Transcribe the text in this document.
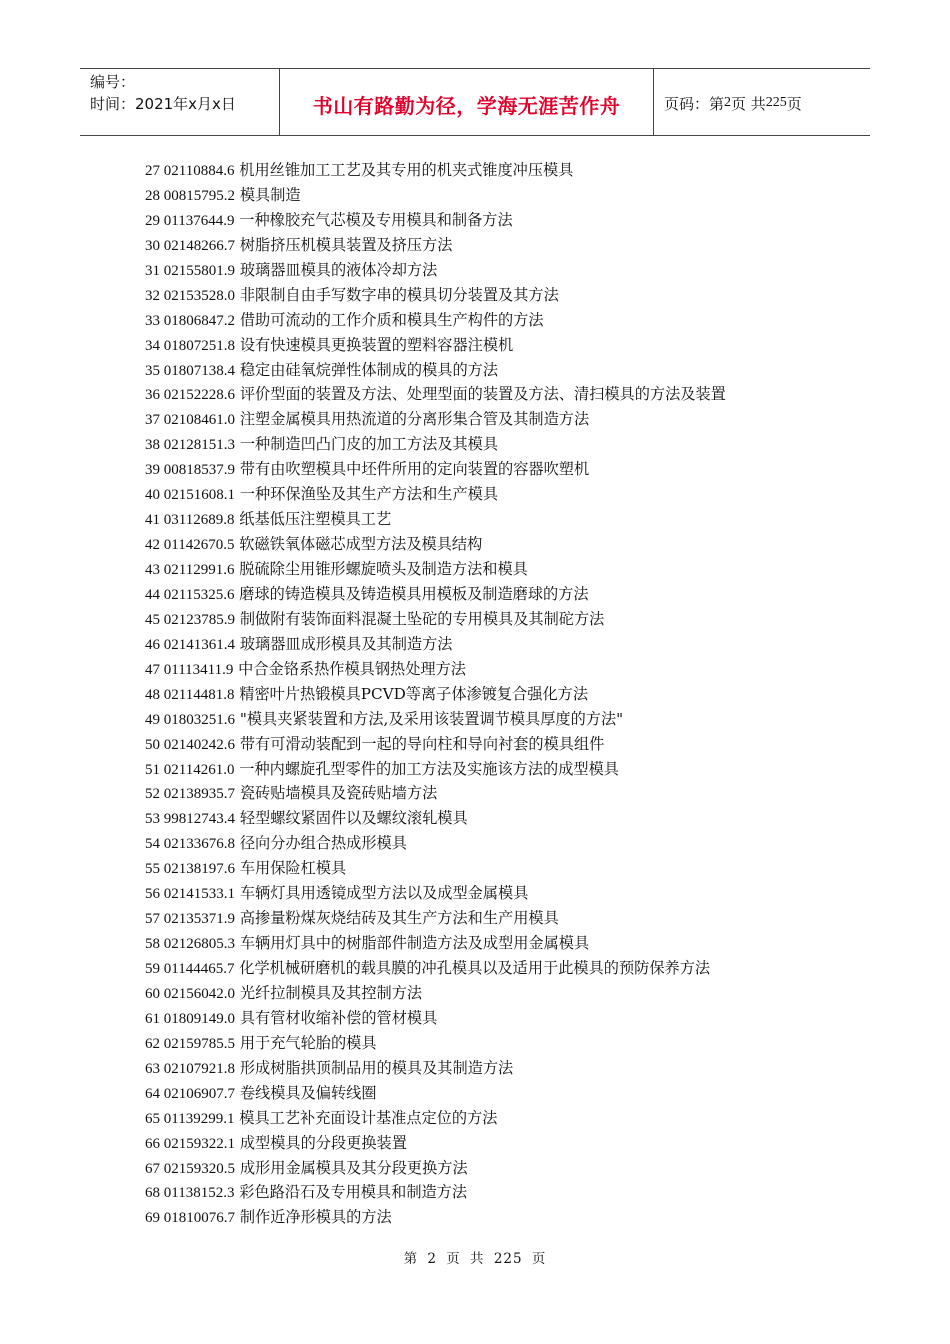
编号：
时间：2021年x月x日	书山有路勤为径，学海无涯苦作舟	页码：第 2 页 共 225 页
27 02110884.6 机用丝锥加工工艺及其专用的机夹式锥度冲压模具
28 00815795.2 模具制造
29 01137644.9 一种橡胶充气芯模及专用模具和制备方法
30 02148266.7 树脂挤压机模具装置及挤压方法
31 02155801.9 玻璃器皿模具的液体冷却方法
32 02153528.0 非限制自由手写数字串的模具切分装置及其方法
33 01806847.2 借助可流动的工作介质和模具生产构件的方法
34 01807251.8 设有快速模具更换装置的塑料容器注模机
35 01807138.4 稳定由硅氧烷弹性体制成的模具的方法
36 02152228.6 评价型面的装置及方法、处理型面的装置及方法、清扫模具的方法及装置
37 02108461.0 注塑金属模具用热流道的分离形集合管及其制造方法
38 02128151.3 一种制造凹凸门皮的加工方法及其模具
39 00818537.9 带有由吹塑模具中坯件所用的定向装置的容器吹塑机
40 02151608.1 一种环保渔坠及其生产方法和生产模具
41 03112689.8 纸基低压注塑模具工艺
42 01142670.5 软磁铁氧体磁芯成型方法及模具结构
43 02112991.6 脱硫除尘用锥形螺旋喷头及制造方法和模具
44 02115325.6 磨球的铸造模具及铸造模具用模板及制造磨球的方法
45 02123785.9 制做附有装饰面料混凝土坠砣的专用模具及其制砣方法
46 02141361.4 玻璃器皿成形模具及其制造方法
47 01113411.9 中合金铬系热作模具钢热处理方法
48 02114481.8 精密叶片热锻模具PCVD等离子体渗镀复合强化方法
49 01803251.6 "模具夹紧装置和方法,及采用该装置调节模具厚度的方法"
50 02140242.6 带有可滑动装配到一起的导向柱和导向衬套的模具组件
51 02114261.0 一种内螺旋孔型零件的加工方法及实施该方法的成型模具
52 02138935.7 瓷砖贴墙模具及瓷砖贴墙方法
53 99812743.4 轻型螺纹紧固件以及螺纹滚轧模具
54 02133676.8 径向分办组合热成形模具
55 02138197.6 车用保险杠模具
56 02141533.1 车辆灯具用透镜成型方法以及成型金属模具
57 02135371.9 高掺量粉煤灰烧结砖及其生产方法和生产用模具
58 02126805.3 车辆用灯具中的树脂部件制造方法及成型用金属模具
59 01144465.7 化学机械研磨机的载具膜的冲孔模具以及适用于此模具的预防保养方法
60 02156042.0 光纤拉制模具及其控制方法
61 01809149.0 具有管材收缩补偿的管材模具
62 02159785.5 用于充气轮胎的模具
63 02107921.8 形成树脂拱顶制品用的模具及其制造方法
64 02106907.7 卷线模具及偏转线圈
65 01139299.1 模具工艺补充面设计基准点定位的方法
66 02159322.1 成型模具的分段更换装置
67 02159320.5 成形用金属模具及其分段更换方法
68 01138152.3 彩色路沿石及专用模具和制造方法
69 01810076.7 制作近净形模具的方法
第 2 页 共 225 页
